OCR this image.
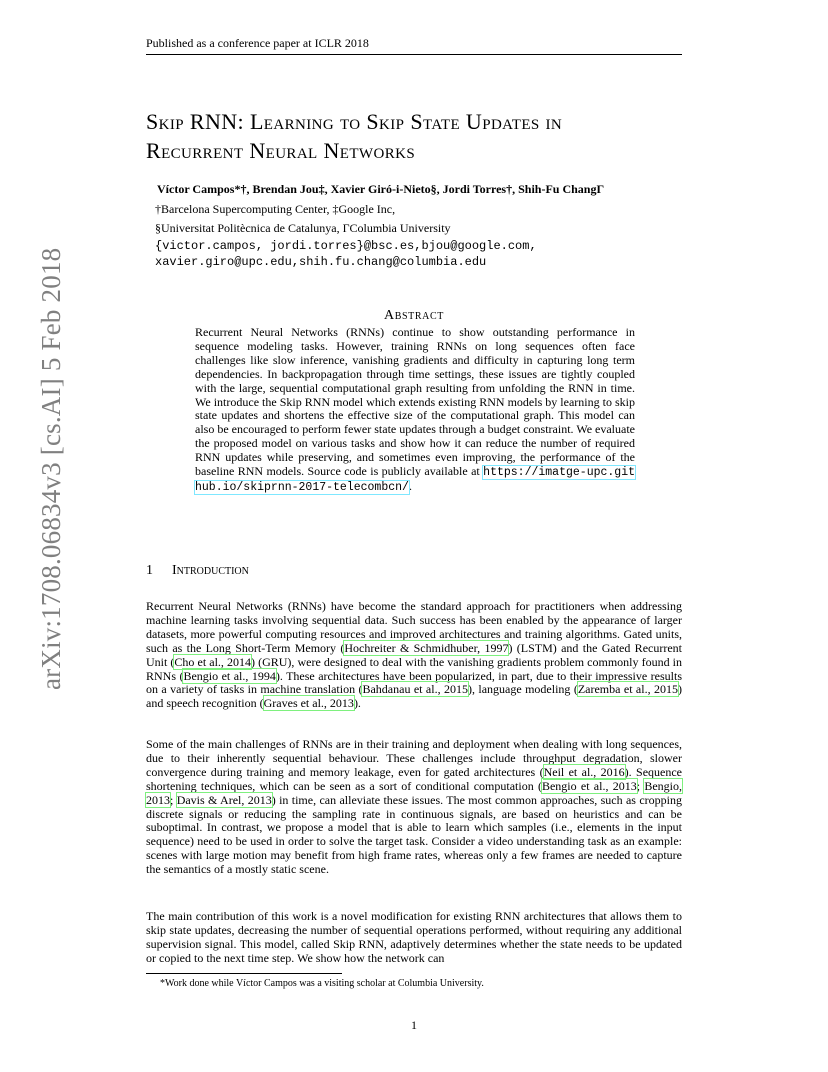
Published as a conference paper at ICLR 2018
arXiv:1708.06834v3 [cs.AI] 5 Feb 2018
Skip RNN: Learning to Skip State Updates in
Recurrent Neural Networks
Víctor Campos*†, Brendan Jou‡, Xavier Giró-i-Nieto§, Jordi Torres†, Shih-Fu ChangΓ
†Barcelona Supercomputing Center, ‡Google Inc,
§Universitat Politècnica de Catalunya, ΓColumbia University
{victor.campos, jordi.torres}@bsc.es,bjou@google.com,
xavier.giro@upc.edu,shih.fu.chang@columbia.edu
Abstract
Recurrent Neural Networks (RNNs) continue to show outstanding performance in sequence modeling tasks. However, training RNNs on long sequences often face challenges like slow inference, vanishing gradients and difficulty in capturing long term dependencies. In backpropagation through time settings, these issues are tightly coupled with the large, sequential computational graph resulting from unfolding the RNN in time. We introduce the Skip RNN model which extends existing RNN models by learning to skip state updates and shortens the effective size of the computational graph. This model can also be encouraged to perform fewer state updates through a budget constraint. We evaluate the proposed model on various tasks and show how it can reduce the number of required RNN updates while preserving, and sometimes even improving, the performance of the baseline RNN models. Source code is publicly available at https://imatge-upc.github.io/skiprnn-2017-telecombcn/.
1 Introduction
Recurrent Neural Networks (RNNs) have become the standard approach for practitioners when addressing machine learning tasks involving sequential data. Such success has been enabled by the appearance of larger datasets, more powerful computing resources and improved architectures and training algorithms. Gated units, such as the Long Short-Term Memory (Hochreiter & Schmidhuber, 1997) (LSTM) and the Gated Recurrent Unit (Cho et al., 2014) (GRU), were designed to deal with the vanishing gradients problem commonly found in RNNs (Bengio et al., 1994). These architectures have been popularized, in part, due to their impressive results on a variety of tasks in machine translation (Bahdanau et al., 2015), language modeling (Zaremba et al., 2015) and speech recognition (Graves et al., 2013).
Some of the main challenges of RNNs are in their training and deployment when dealing with long sequences, due to their inherently sequential behaviour. These challenges include throughput degradation, slower convergence during training and memory leakage, even for gated architectures (Neil et al., 2016). Sequence shortening techniques, which can be seen as a sort of conditional computation (Bengio et al., 2013; Bengio, 2013; Davis & Arel, 2013) in time, can alleviate these issues. The most common approaches, such as cropping discrete signals or reducing the sampling rate in continuous signals, are based on heuristics and can be suboptimal. In contrast, we propose a model that is able to learn which samples (i.e., elements in the input sequence) need to be used in order to solve the target task. Consider a video understanding task as an example: scenes with large motion may benefit from high frame rates, whereas only a few frames are needed to capture the semantics of a mostly static scene.
The main contribution of this work is a novel modification for existing RNN architectures that allows them to skip state updates, decreasing the number of sequential operations performed, without requiring any additional supervision signal. This model, called Skip RNN, adaptively determines whether the state needs to be updated or copied to the next time step. We show how the network can
*Work done while Víctor Campos was a visiting scholar at Columbia University.
1
